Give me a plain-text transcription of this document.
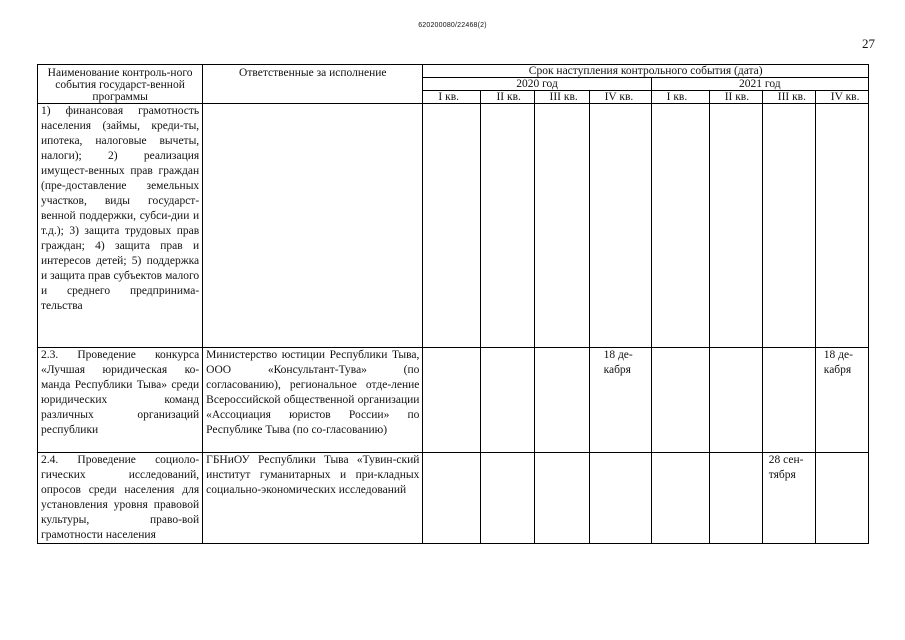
620200080/22468(2)
27
Наименование контроль-ного события государст-венной программы	Ответственные за исполнение	Срок наступления контрольного события (дата)							
		2020 год				2021 год			
		I кв.	II кв.	III кв.	IV кв.	I кв.	II кв.	III кв.	IV кв.
1) финансовая грамотность населения (займы, креди-ты, ипотека, налоговые вычеты, налоги); 2) реализация имущест-венных прав граждан (пре-доставление земельных участков, виды государст-венной поддержки, субси-дии и т.д.); 3) защита трудовых прав граждан; 4) защита прав и интересов детей; 5) поддержка и защита прав субъектов малого и среднего предпринима-тельства									
2.3. Проведение конкурса «Лучшая юридическая ко-манда Республики Тыва» среди юридических команд различных организаций республики	Министерство юстиции Республики Тыва, ООО «Консультант-Тува» (по согласованию), региональное отде-ление Всероссийской общественной организации «Ассоциация юристов России» по Республике Тыва (по со-гласованию)				18 де-кабря				18 де-кабря
2.4. Проведение социоло-гических исследований, опросов среди населения для установления уровня правовой культуры, право-вой грамотности населения	ГБНиОУ Республики Тыва «Тувин-ский институт гуманитарных и при-кладных социально-экономических исследований							28 сен-тября	
